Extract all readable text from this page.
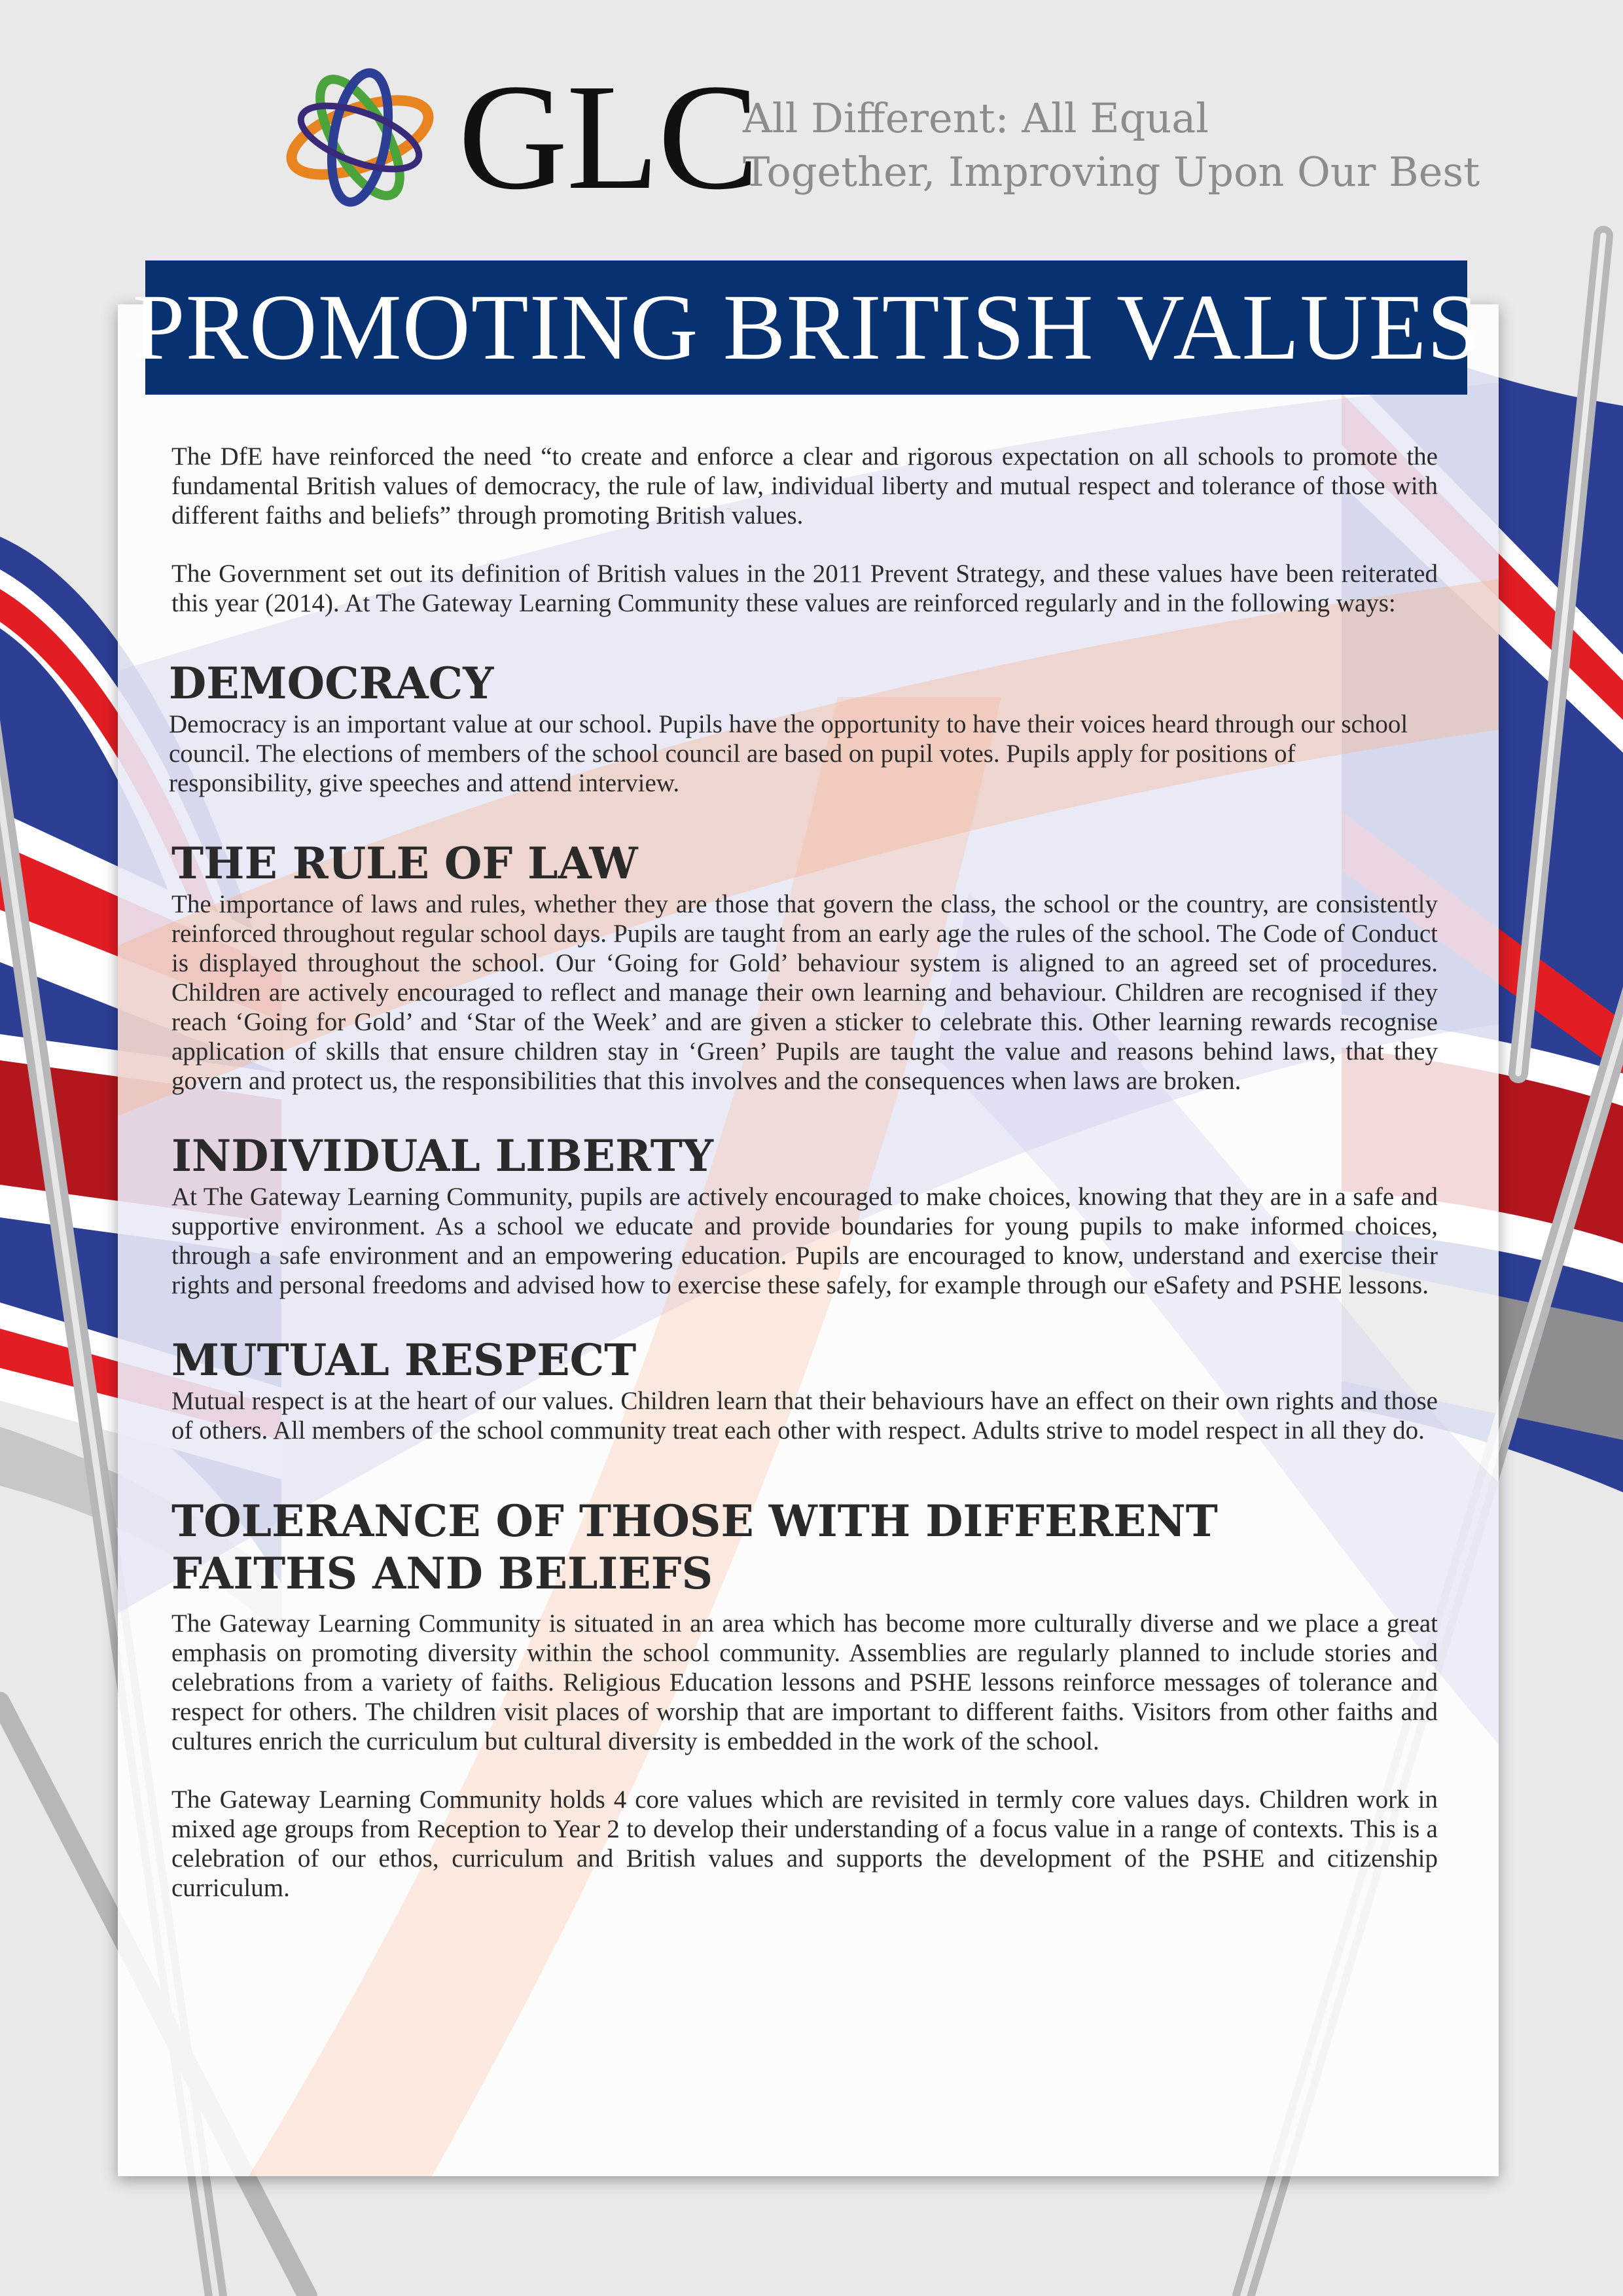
GLC
All Different: All Equal
Together, Improving Upon Our Best
PROMOTING BRITISH VALUES

The DfE have reinforced the need “to create and enforce a clear and rigorous expectation on all schools to promote the fundamental British values of democracy, the rule of law, individual liberty and mutual respect and tolerance of those with different faiths and beliefs” through promoting British values.

The Government set out its definition of British values in the 2011 Prevent Strategy, and these values have been reiterated this year (2014). At The Gateway Learning Community these values are reinforced regularly and in the following ways:

DEMOCRACY

Democracy is an important value at our school. Pupils have the opportunity to have their voices heard through our school council. The elections of members of the school council are based on pupil votes. Pupils apply for positions of responsibility, give speeches and attend interview.

THE RULE OF LAW

The importance of laws and rules, whether they are those that govern the class, the school or the country, are consistently reinforced throughout regular school days. Pupils are taught from an early age the rules of the school. The Code of Conduct is displayed throughout the school. Our ‘Going for Gold’ behaviour system is aligned to an agreed set of procedures. Children are actively encouraged to reflect and manage their own learning and behaviour. Children are recognised if they reach ‘Going for Gold’ and ‘Star of the Week’ and are given a sticker to celebrate this. Other learning rewards recognise application of skills that ensure children stay in ‘Green’ Pupils are taught the value and reasons behind laws, that they govern and protect us, the responsibilities that this involves and the consequences when laws are broken.

INDIVIDUAL LIBERTY

At The Gateway Learning Community, pupils are actively encouraged to make choices, knowing that they are in a safe and supportive environment. As a school we educate and provide boundaries for young pupils to make informed choices, through a safe environment and an empowering education. Pupils are encouraged to know, understand and exercise their rights and personal freedoms and advised how to exercise these safely, for example through our eSafety and PSHE lessons.

MUTUAL RESPECT

Mutual respect is at the heart of our values. Children learn that their behaviours have an effect on their own rights and those of others. All members of the school community treat each other with respect. Adults strive to model respect in all they do.

TOLERANCE OF THOSE WITH DIFFERENT FAITHS AND BELIEFS

The Gateway Learning Community is situated in an area which has become more culturally diverse and we place a great emphasis on promoting diversity within the school community. Assemblies are regularly planned to include stories and celebrations from a variety of faiths. Religious Education lessons and PSHE lessons reinforce messages of tolerance and respect for others. The children visit places of worship that are important to different faiths. Visitors from other faiths and cultures enrich the curriculum but cultural diversity is embedded in the work of the school.

The Gateway Learning Community holds 4 core values which are revisited in termly core values days. Children work in mixed age groups from Reception to Year 2 to develop their understanding of a focus value in a range of contexts. This is a celebration of our ethos, curriculum and British values and supports the development of the PSHE and citizenship curriculum.
